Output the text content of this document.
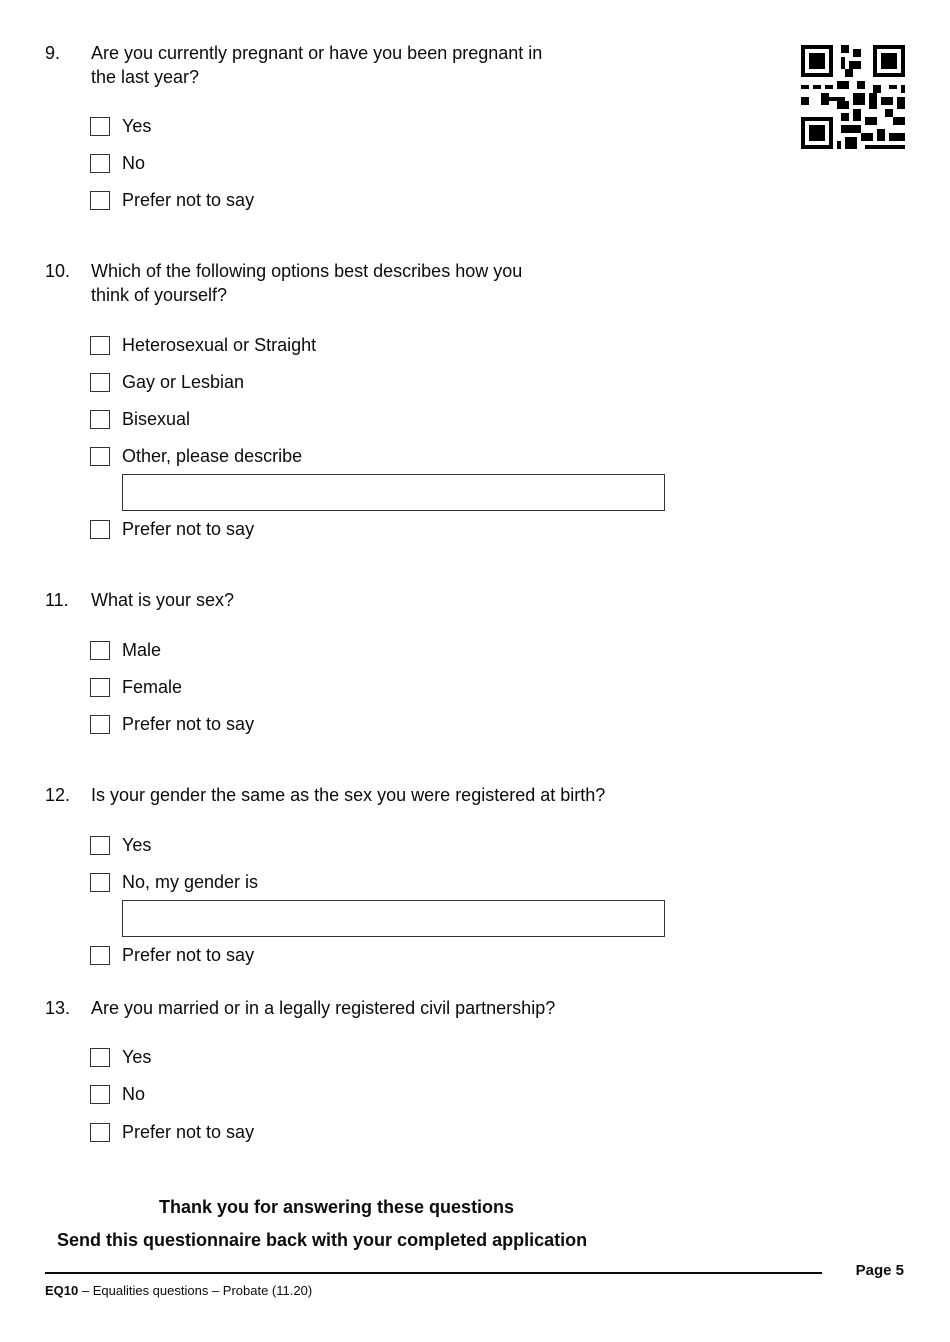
9. Are you currently pregnant or have you been pregnant in
the last year?
Yes
No
Prefer not to say
10. Which of the following options best describes how you
think of yourself?
Heterosexual or Straight
Gay or Lesbian
Bisexual
Other, please describe
Prefer not to say
11. What is your sex?
Male
Female
Prefer not to say
12. Is your gender the same as the sex you were registered at birth?
Yes
No, my gender is
Prefer not to say
13. Are you married or in a legally registered civil partnership?
Yes
No
Prefer not to say
Thank you for answering these questions
Send this questionnaire back with your completed application
Page 5
EQ10 – Equalities questions – Probate (11.20)
